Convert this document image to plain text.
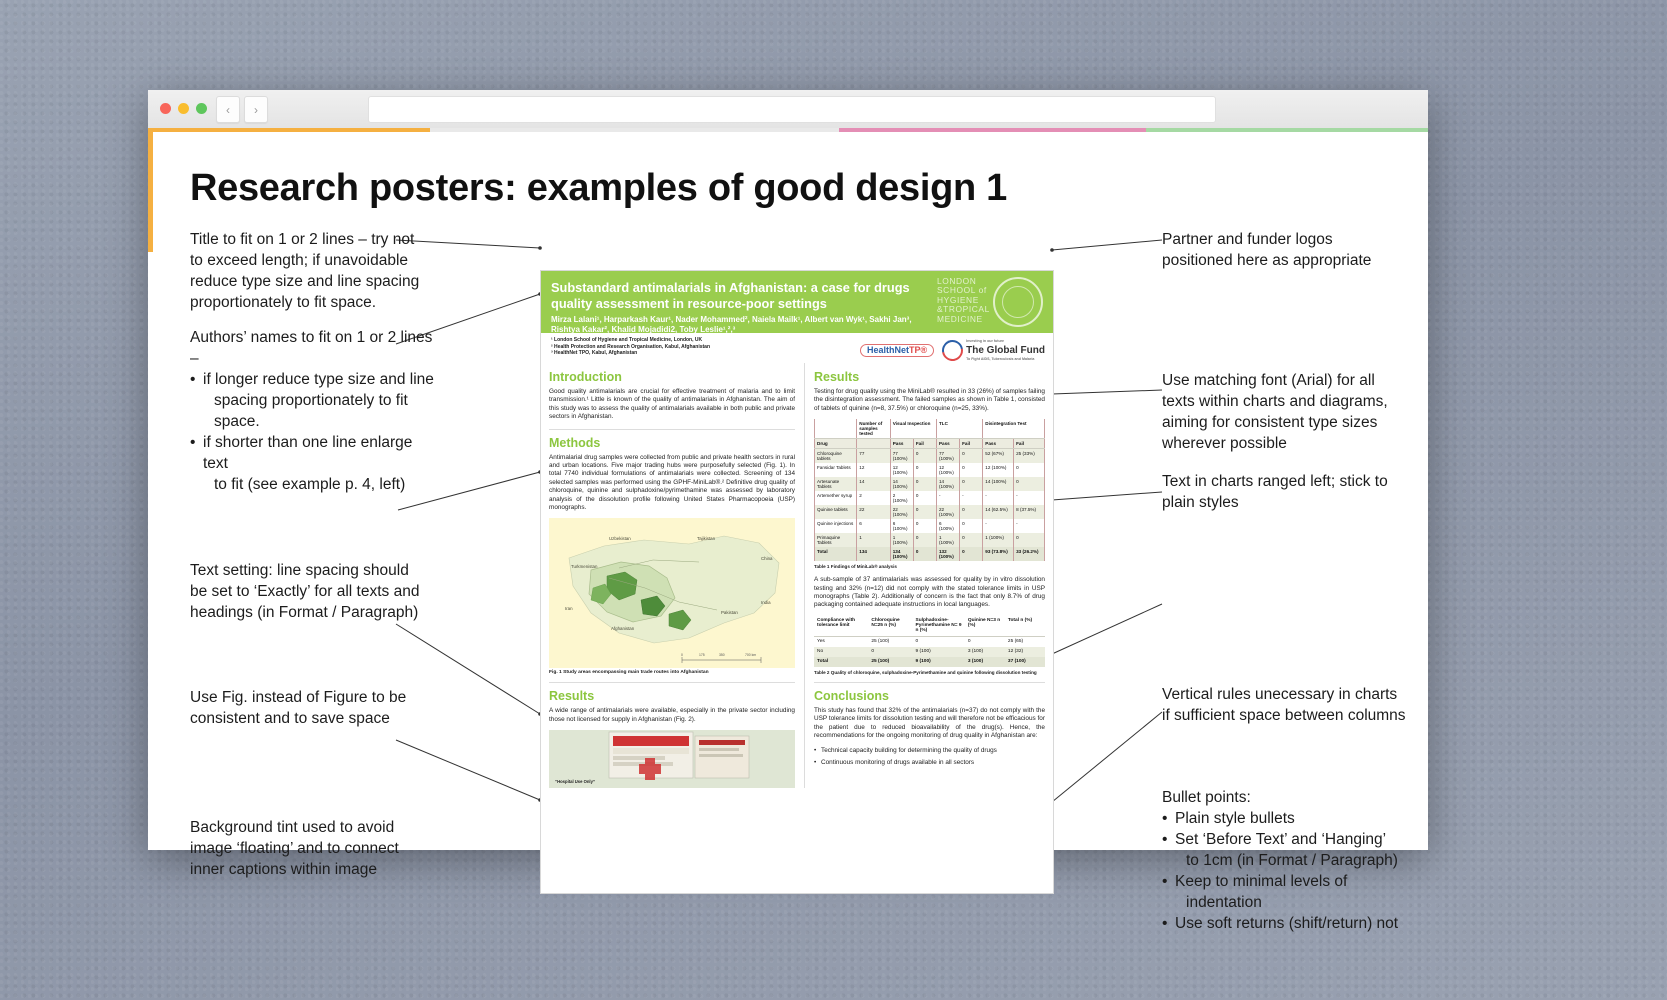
‹	›
Research posters: examples of good design 1
Title to fit on 1 or 2 lines – try not
to exceed length; if unavoidable
reduce type size and line spacing
proportionately to fit space.
Authors’ names to fit on 1 or 2 lines –
• if longer reduce type size and line
spacing proportionately to fit space.
• if shorter than one line enlarge text
to fit (see example p. 4, left)
Text setting: line spacing should
be set to ‘Exactly’ for all texts and
headings (in Format / Paragraph)
Use Fig. instead of Figure to be
consistent and to save space
Background tint used to avoid
image ‘floating’ and to connect
inner captions within image
Partner and funder logos
positioned here as appropriate
Use matching font (Arial) for all
texts within charts and diagrams,
aiming for consistent type sizes
wherever possible
Text in charts ranged left; stick to
plain styles
Vertical rules unecessary in charts
if sufficient space between columns
Bullet points:
• Plain style bullets
• Set ‘Before Text’ and ‘Hanging’
to 1cm (in Format / Paragraph)
• Keep to minimal levels of
indentation
• Use soft returns (shift/return) not
Substandard antimalarials in Afghanistan: a case for drugs quality assessment in resource-poor settings
Mirza Lalani¹, Harparkash Kaur¹, Nader Mohammed², Naiela Mailk¹, Albert van Wyk¹, Sakhi Jan³, Rishtya Kakar², Khalid Mojadidi2, Toby Leslie¹,²,³
LONDON
SCHOOL of
HYGIENE
&TROPICAL
MEDICINE
¹ London School of Hygiene and Tropical Medicine, London, UK
² Health Protection and Research Organisation, Kabul, Afghanistan
³ HealthNet TPO, Kabul, Afghanistan	HealthNetTP®
Investing in our future
The Global Fund
To Fight AIDS, Tuberculosis and Malaria
Introduction

Good quality antimalarials are crucial for effective treatment of malaria and to limit transmission.¹ Little is known of the quality of antimalarials in Afghanistan. The aim of this study was to assess the quality of antimalarials available in both public and private sectors in Afghanistan.

Methods

Antimalarial drug samples were collected from public and private health sectors in rural and urban locations. Five major trading hubs were purposefully selected (Fig. 1). In total 7740 individual formulations of antimalarials were collected. Screening of 134 selected samples was performed using the GPHF-MiniLab®.² Definitive drug quality of chloroquine, quinine and sulphadoxine/pyrimethamine was assessed by laboratory analysis of the dissolution profile following United States Pharmacopoeia (USP) monographs.

Uzbekistan	Tajikistan
Turkmenistan
China
Iran
Pakistan
India
Afghanistan
0	175	350	700 km
Fig. 1 Study areas encompassing main trade routes into Afghanistan
Results

A wide range of antimalarials were available, especially in the private sector including those not licensed for supply in Afghanistan (Fig. 2).

“Hospital Use Only”
Results

Testing for drug quality using the MiniLab® resulted in 33 (26%) of samples failing the disintegration assessment. The failed samples as shown in Table 1, consisted of tablets of quinine (n=8, 37.5%) or chloroquine (n=25, 33%).

	Number of samples tested	Visual Inspection		TLC		Disintegration Test	
Drug		Pass	Fail	Pass	Fail	Pass	Fail
Chloroquine tablets	77	77 (100%)	0	77 (100%)	0	52 (67%)	25 (33%)
Fansidar Tablets	12	12 (100%)	0	12 (100%)	0	12 (100%)	0
Artesunate Tablets	14	14 (100%)	0	14 (100%)	0	14 (100%)	0
Artemether syrup	2	2 (100%)	0	-	-	-	-
Quinine tablets	22	22 (100%)	0	22 (100%)	0	14 (62.5%)	8 (37.5%)
Quinine injections	6	6 (100%)	0	6 (100%)	0	-	-
Primaquine Tablets	1	1 (100%)	0	1 (100%)	0	1 (100%)	0
Total	134	134 (100%)	0	132 (100%)	0	93 (73.8%)	33 (26.2%)
Table 1 Findings of MiniLab® analysis

A sub-sample of 37 antimalarials was assessed for quality by in vitro dissolution testing and 32% (n=12) did not comply with the stated tolerance limits in USP monographs (Table 2). Additionally of concern is the fact that only 8.7% of drug packaging contained adequate instructions in local languages.

Compliance with tolerance limit	Chloroquine N=25 n (%)	Sulphadoxine-Pyrimethamine N= 9 n (%)	Quinine N=3 n (%)	Total n (%)
Yes	25 (100)	0	0	25 (65)
No	0	9 (100)	3 (100)	12 (32)
Total	25 (100)	9 (100)	3 (100)	37 (100)
Table 2 Quality of chloroquine, sulphadoxine-Pyrimethamine and quinine following dissolution testing
Conclusions

This study has found that 32% of the antimalarials (n=37) do not comply with the USP tolerance limits for dissolution testing and will therefore not be efficacious for the patient due to reduced bioavailability of the drug(s). Hence, the recommendations for the ongoing monitoring of drug quality in Afghanistan are:

• Technical capacity building for determining the quality of drugs
• Continuous monitoring of drugs available in all sectors
